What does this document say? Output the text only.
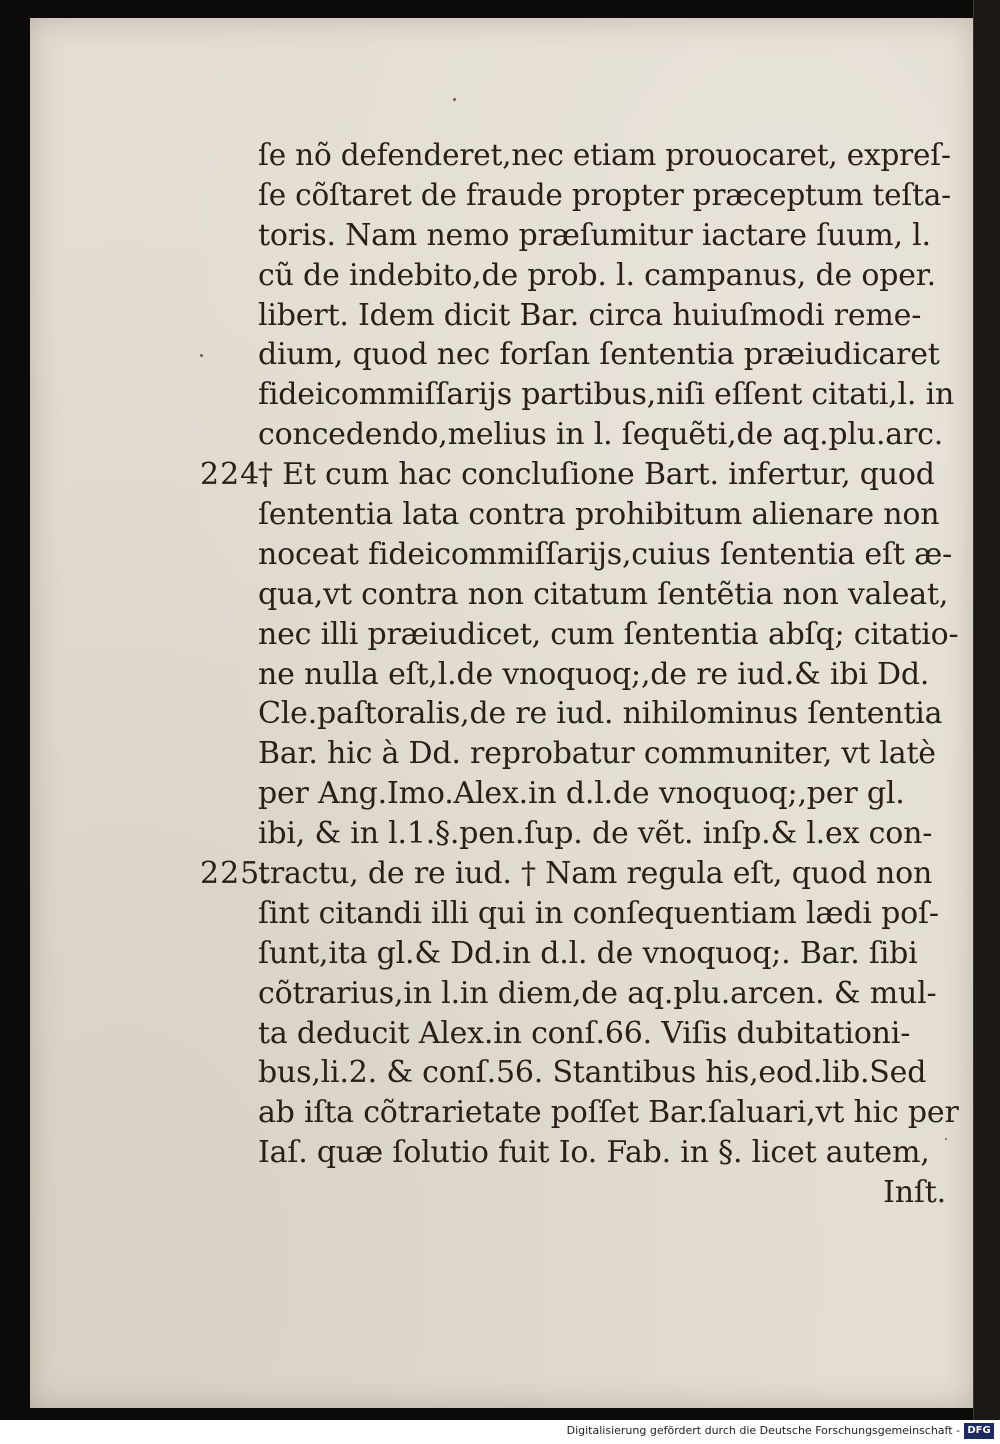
ſe nõ defenderet,nec etiam prouocaret, expreſ-
ſe cõſtaret de fraude propter præceptum teſta-
toris. Nam nemo præſumitur iactare ſuum, l.
cũ de indebito,de prob. l. campanus, de oper.
libert. Idem dicit Bar. circa huiuſmodi reme-
dium, quod nec forſan ſententia præiudicaret
fideicommiſſarijs partibus,niſi eſſent citati,l. in
concedendo,melius in l. ſequẽti,de aq.plu.arc.
† Et cum hac concluſione Bart. infertur, quod
ſententia lata contra prohibitum alienare non
noceat fideicommiſſarijs,cuius ſententia eſt æ-
qua,vt contra non citatum ſentẽtia non valeat,
nec illi præiudicet, cum ſententia abſq; citatio-
ne nulla eſt,l.de vnoquoq;,de re iud.& ibi Dd.
Cle.paſtoralis,de re iud. nihilominus ſententia
Bar. hic à Dd. reprobatur communiter, vt latè
per Ang.Imo.Alex.in d.l.de vnoquoq;,per gl.
ibi, & in l.1.§.pen.ſup. de vẽt. inſp.& l.ex con-
tractu, de re iud. † Nam regula eſt, quod non
ſint citandi illi qui in conſequentiam lædi poſ-
ſunt,ita gl.& Dd.in d.l. de vnoquoq;. Bar. ſibi
cõtrarius,in l.in diem,de aq.plu.arcen. & mul-
ta deducit Alex.in conſ.66. Viſis dubitationi-
bus,li.2. & conſ.56. Stantibus his,eod.lib.Sed
ab iſta cõtrarietate poſſet Bar.ſaluari,vt hic per
Iaſ. quæ ſolutio fuit Io. Fab. in §. licet autem,
Inſt.
224.
225.
Digitalisierung gefördert durch die Deutsche Forschungsgemeinschaft - DFG
